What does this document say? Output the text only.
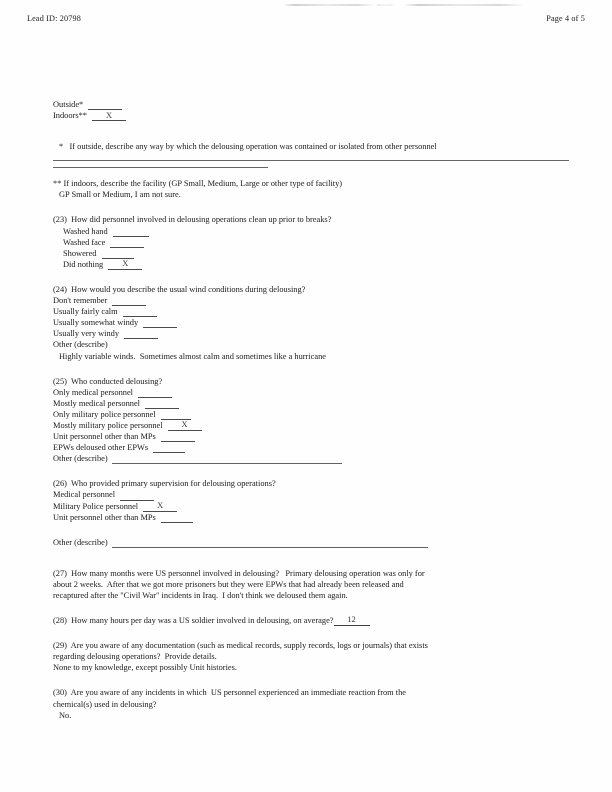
Lead ID: 20798	Page 4 of 5
Outside*
Indoors**	X
*   If outside, describe any way by which the delousing operation was contained or isolated from other personnel
** If indoors, describe the facility (GP Small, Medium, Large or other type of facility)
GP Small or Medium, I am not sure.
(23)  How did personnel involved in delousing operations clean up prior to breaks?
Washed hand
Washed face
Showered
Did nothing	X
(24)  How would you describe the usual wind conditions during delousing?
Don't remember
Usually fairly calm
Usually somewhat windy
Usually very windy
Other (describe)
Highly variable winds.  Sometimes almost calm and sometimes like a hurricane
(25)  Who conducted delousing?
Only medical personnel
Mostly medical personnel
Only military police personnel
Mostly military police personnel	X
Unit personnel other than MPs
EPWs deloused other EPWs
Other (describe)
(26)  Who provided primary supervision for delousing operations?
Medical personnel
Military Police personnel	X
Unit personnel other than MPs
Other (describe)
(27)  How many months were US personnel involved in delousing?   Primary delousing operation was only for
about 2 weeks.  After that we got more prisoners but they were EPWs that had already been released and
recaptured after the "Civil War" incidents in Iraq.  I don't think we deloused them again.
(28)  How many hours per day was a US soldier involved in delousing, on average?	12
(29)  Are you aware of any documentation (such as medical records, supply records, logs or journals) that exists
regarding delousing operations?  Provide details.
None to my knowledge, except possibly Unit histories.
(30)  Are you aware of any incidents in which  US personnel experienced an immediate reaction from the
chemical(s) used in delousing?
No.
